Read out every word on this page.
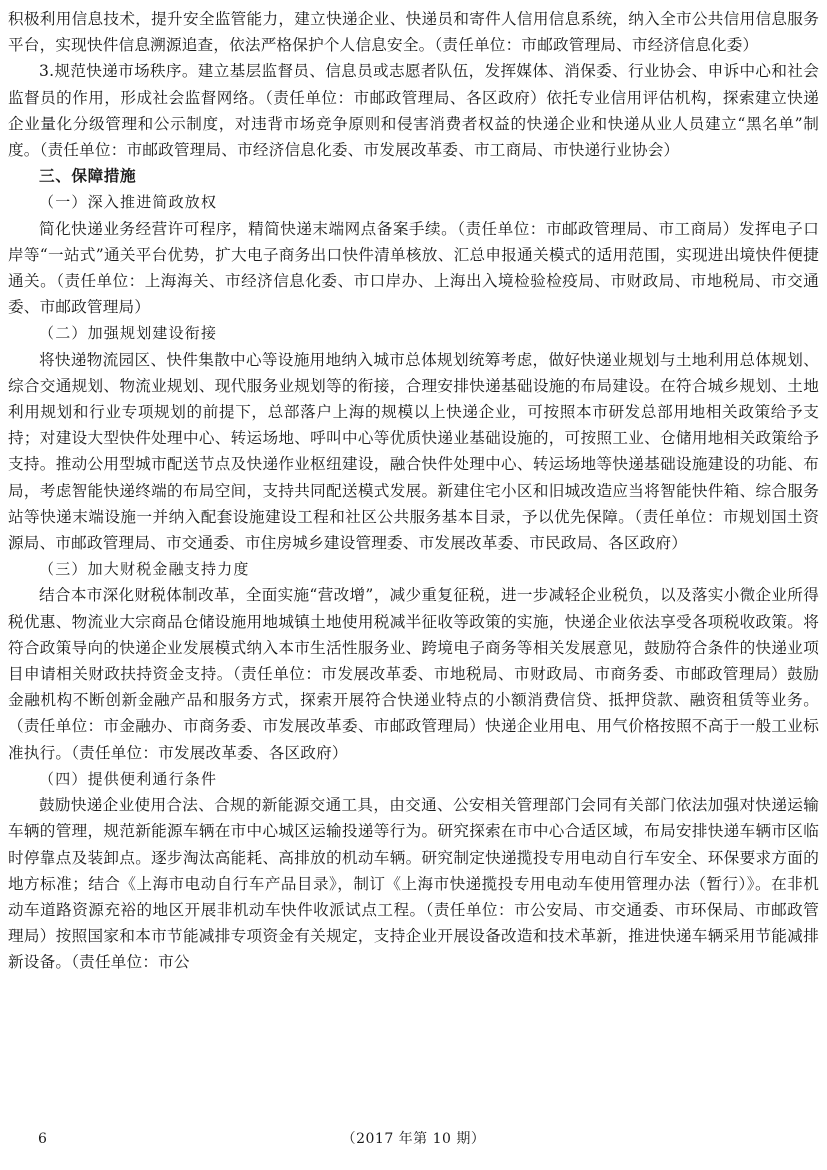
积极利用信息技术，提升安全监管能力，建立快递企业、快递员和寄件人信用信息系统，纳入全市公共信用信息服务平台，实现快件信息溯源追查，依法严格保护个人信息安全。（责任单位：市邮政管理局、市经济信息化委）

3.规范快递市场秩序。建立基层监督员、信息员或志愿者队伍，发挥媒体、消保委、行业协会、申诉中心和社会监督员的作用，形成社会监督网络。（责任单位：市邮政管理局、各区政府）依托专业信用评估机构，探索建立快递企业量化分级管理和公示制度，对违背市场竞争原则和侵害消费者权益的快递企业和快递从业人员建立“黑名单”制度。（责任单位：市邮政管理局、市经济信息化委、市发展改革委、市工商局、市快递行业协会）

三、保障措施

（一）深入推进简政放权

简化快递业务经营许可程序，精简快递末端网点备案手续。（责任单位：市邮政管理局、市工商局）发挥电子口岸等“一站式”通关平台优势，扩大电子商务出口快件清单核放、汇总申报通关模式的适用范围，实现进出境快件便捷通关。（责任单位：上海海关、市经济信息化委、市口岸办、上海出入境检验检疫局、市财政局、市地税局、市交通委、市邮政管理局）

（二）加强规划建设衔接

将快递物流园区、快件集散中心等设施用地纳入城市总体规划统筹考虑，做好快递业规划与土地利用总体规划、综合交通规划、物流业规划、现代服务业规划等的衔接，合理安排快递基础设施的布局建设。在符合城乡规划、土地利用规划和行业专项规划的前提下，总部落户上海的规模以上快递企业，可按照本市研发总部用地相关政策给予支持；对建设大型快件处理中心、转运场地、呼叫中心等优质快递业基础设施的，可按照工业、仓储用地相关政策给予支持。推动公用型城市配送节点及快递作业枢纽建设，融合快件处理中心、转运场地等快递基础设施建设的功能、布局，考虑智能快递终端的布局空间，支持共同配送模式发展。新建住宅小区和旧城改造应当将智能快件箱、综合服务站等快递末端设施一并纳入配套设施建设工程和社区公共服务基本目录，予以优先保障。（责任单位：市规划国土资源局、市邮政管理局、市交通委、市住房城乡建设管理委、市发展改革委、市民政局、各区政府）

（三）加大财税金融支持力度

结合本市深化财税体制改革，全面实施“营改增”，减少重复征税，进一步减轻企业税负，以及落实小微企业所得税优惠、物流业大宗商品仓储设施用地城镇土地使用税减半征收等政策的实施，快递企业依法享受各项税收政策。将符合政策导向的快递企业发展模式纳入本市生活性服务业、跨境电子商务等相关发展意见，鼓励符合条件的快递业项目申请相关财政扶持资金支持。（责任单位：市发展改革委、市地税局、市财政局、市商务委、市邮政管理局）鼓励金融机构不断创新金融产品和服务方式，探索开展符合快递业特点的小额消费信贷、抵押贷款、融资租赁等业务。（责任单位：市金融办、市商务委、市发展改革委、市邮政管理局）快递企业用电、用气价格按照不高于一般工业标准执行。（责任单位：市发展改革委、各区政府）

（四）提供便利通行条件

鼓励快递企业使用合法、合规的新能源交通工具，由交通、公安相关管理部门会同有关部门依法加强对快递运输车辆的管理，规范新能源车辆在市中心城区运输投递等行为。研究探索在市中心合适区域，布局安排快递车辆市区临时停靠点及装卸点。逐步淘汰高能耗、高排放的机动车辆。研究制定快递揽投专用电动自行车安全、环保要求方面的地方标准；结合《上海市电动自行车产品目录》，制订《上海市快递揽投专用电动车使用管理办法（暂行）》。在非机动车道路资源充裕的地区开展非机动车快件收派试点工程。（责任单位：市公安局、市交通委、市环保局、市邮政管理局）按照国家和本市节能减排专项资金有关规定，支持企业开展设备改造和技术革新，推进快递车辆采用节能减排新设备。（责任单位：市公

6	（2017 年第 10 期）
